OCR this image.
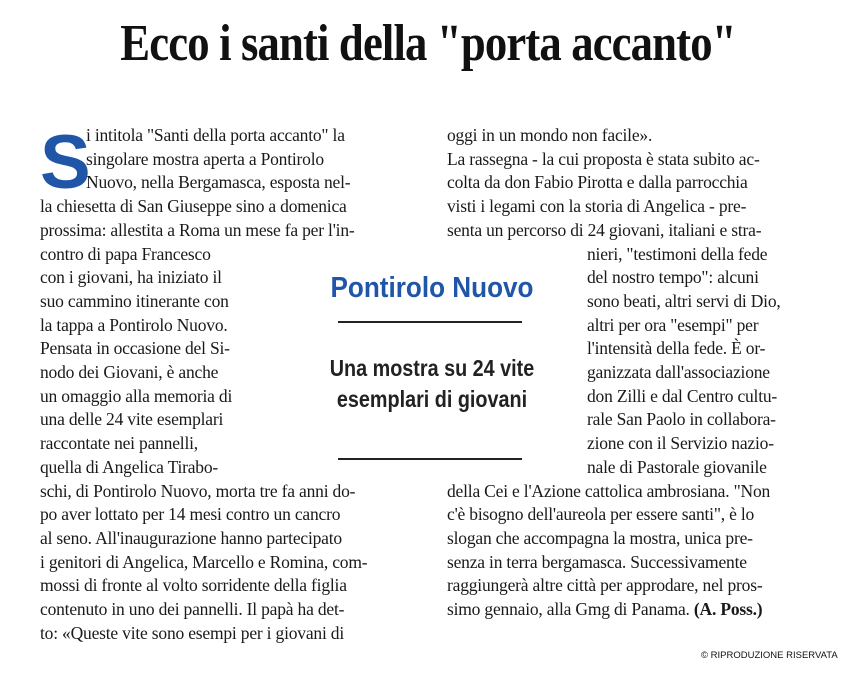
Ecco i santi della "porta accanto"
S
i intitola "Santi della porta accanto" la
singolare mostra aperta a Pontirolo
Nuovo, nella Bergamasca, esposta nel-
la chiesetta di San Giuseppe sino a domenica
prossima: allestita a Roma un mese fa per l'in-
contro di papa Francesco
con i giovani, ha iniziato il
suo cammino itinerante con
la tappa a Pontirolo Nuovo.
Pensata in occasione del Si-
nodo dei Giovani, è anche
un omaggio alla memoria di
una delle 24 vite esemplari
raccontate nei pannelli,
quella di Angelica Tirabo-
schi, di Pontirolo Nuovo, morta tre fa anni do-
po aver lottato per 14 mesi contro un cancro
al seno. All'inaugurazione hanno partecipato
i genitori di Angelica, Marcello e Romina, com-
mossi di fronte al volto sorridente della figlia
contenuto in uno dei pannelli. Il papà ha det-
to: «Queste vite sono esempi per i giovani di
oggi in un mondo non facile».
La rassegna - la cui proposta è stata subito ac-
colta da don Fabio Pirotta e dalla parrocchia
visti i legami con la storia di Angelica - pre-
senta un percorso di 24 giovani, italiani e stra-
nieri, "testimoni della fede
del nostro tempo": alcuni
sono beati, altri servi di Dio,
altri per ora "esempi" per
l'intensità della fede. È or-
ganizzata dall'associazione
don Zilli e dal Centro cultu-
rale San Paolo in collabora-
zione con il Servizio nazio-
nale di Pastorale giovanile
della Cei e l'Azione cattolica ambrosiana. "Non
c'è bisogno dell'aureola per essere santi", è lo
slogan che accompagna la mostra, unica pre-
senza in terra bergamasca. Successivamente
raggiungerà altre città per approdare, nel pros-
simo gennaio, alla Gmg di Panama. (A. Poss.)
Pontirolo Nuovo
Una mostra su 24 vite
esemplari di giovani
© RIPRODUZIONE RISERVATA
